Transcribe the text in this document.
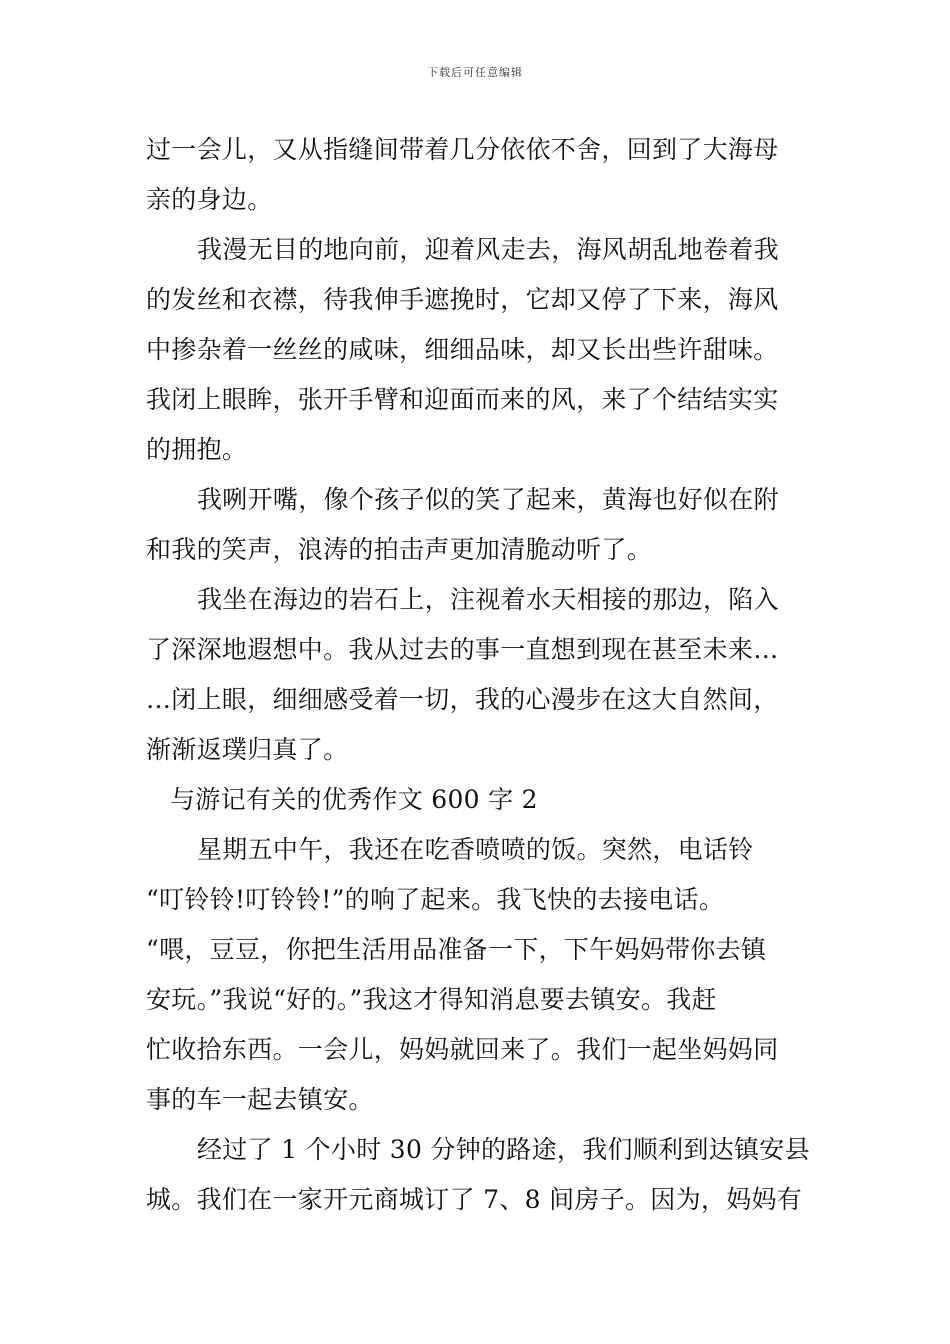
下载后可任意编辑
过一会儿，又从指缝间带着几分依依不舍，回到了大海母
亲的身边。
我漫无目的地向前，迎着风走去，海风胡乱地卷着我
的发丝和衣襟，待我伸手遮挽时，它却又停了下来，海风
中掺杂着一丝丝的咸味，细细品味，却又长出些许甜味。
我闭上眼眸，张开手臂和迎面而来的风，来了个结结实实
的拥抱。
我咧开嘴，像个孩子似的笑了起来，黄海也好似在附
和我的笑声，浪涛的拍击声更加清脆动听了。
我坐在海边的岩石上，注视着水天相接的那边，陷入
了深深地遐想中。我从过去的事一直想到现在甚至未来…
…闭上眼，细细感受着一切，我的心漫步在这大自然间，
渐渐返璞归真了。
与游记有关的优秀作文 600 字 2
星期五中午，我还在吃香喷喷的饭。突然，电话铃
“叮铃铃!叮铃铃!”的响了起来。我飞快的去接电话。
“喂，豆豆，你把生活用品准备一下，下午妈妈带你去镇
安玩。”我说“好的。”我这才得知消息要去镇安。我赶
忙收拾东西。一会儿，妈妈就回来了。我们一起坐妈妈同
事的车一起去镇安。
经过了 1 个小时 30 分钟的路途，我们顺利到达镇安县
城。我们在一家开元商城订了 7、8 间房子。因为，妈妈有
